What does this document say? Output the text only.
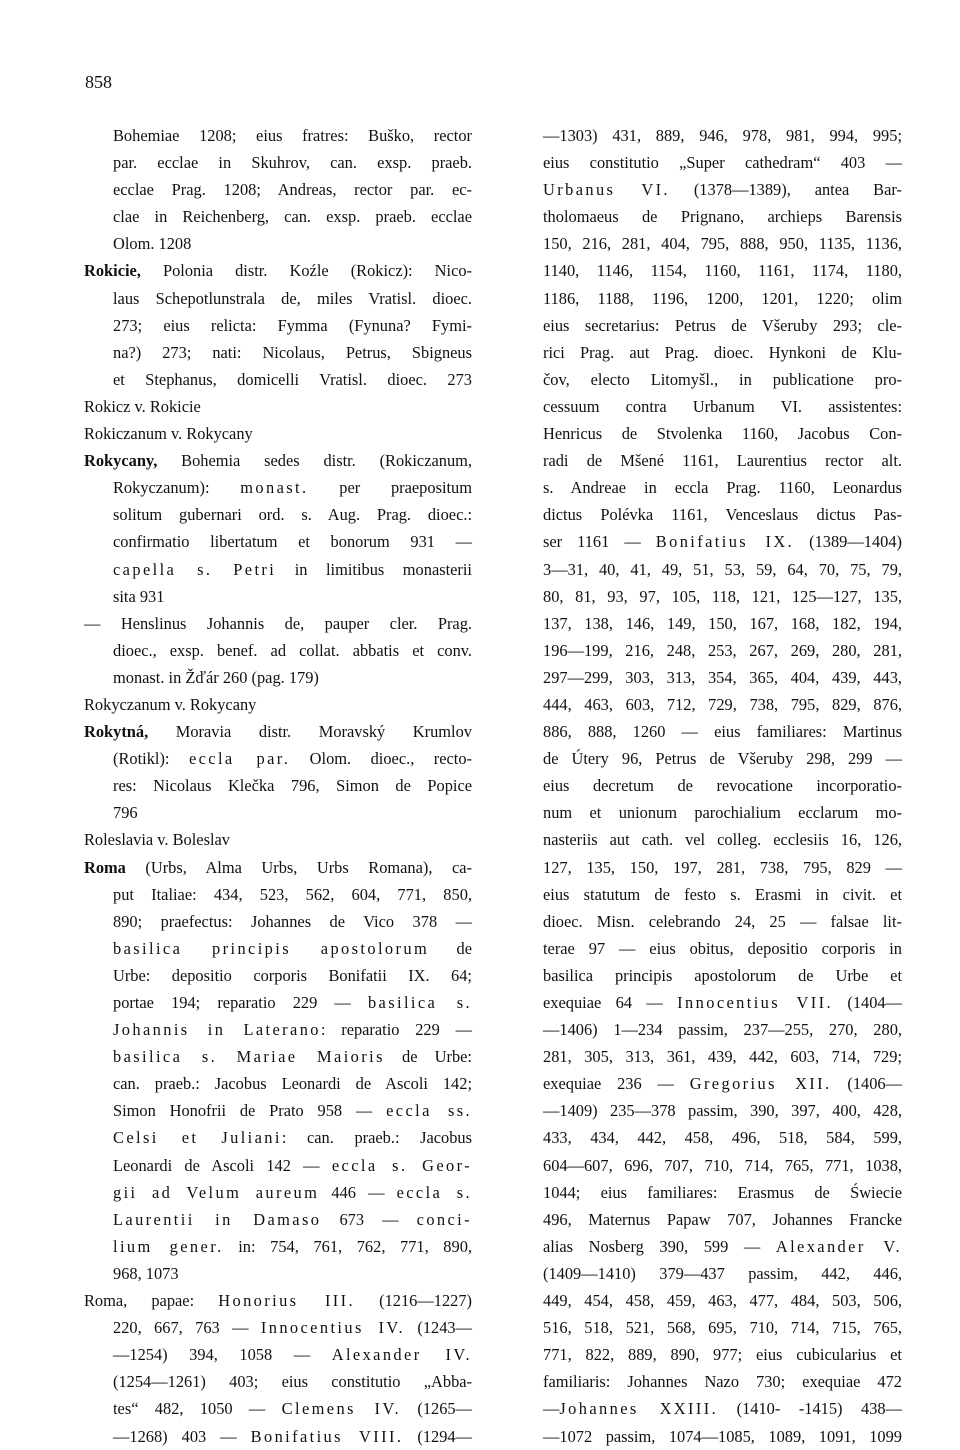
858
Bohemiae 1208; eius fratres: Buško, rector
par. ecclae in Skuhrov, can. exsp. praeb.
ecclae Prag. 1208; Andreas, rector par. ec-
clae in Reichenberg, can. exsp. praeb. ecclae
Olom. 1208
Rokicie, Polonia distr. Koźle (Rokicz): Nico-
laus Schepotlunstrala de, miles Vratisl. dioec.
273; eius relicta: Fymma (Fynuna? Fymi-
na?) 273; nati: Nicolaus, Petrus, Sbigneus
et Stephanus, domicelli Vratisl. dioec. 273
Rokicz v. Rokicie
Rokiczanum v. Rokycany
Rokycany, Bohemia sedes distr. (Rokiczanum,
Rokyczanum): monast. per praepositum
solitum gubernari ord. s. Aug. Prag. dioec.:
confirmatio libertatum et bonorum 931 —
capella s. Petri in limitibus monasterii
sita 931
— Henslinus Johannis de, pauper cler. Prag.
dioec., exsp. benef. ad collat. abbatis et conv.
monast. in Žďár 260 (pag. 179)
Rokyczanum v. Rokycany
Rokytná, Moravia distr. Moravský Krumlov
(Rotikl): eccla par. Olom. dioec., recto-
res: Nicolaus Klečka 796, Simon de Popice
796
Roleslavia v. Boleslav
Roma (Urbs, Alma Urbs, Urbs Romana), ca-
put Italiae: 434, 523, 562, 604, 771, 850,
890; praefectus: Johannes de Vico 378 —
basilica principis apostolorum de
Urbe: depositio corporis Bonifatii IX. 64;
portae 194; reparatio 229 — basilica s.
Johannis in Laterano: reparatio 229 —
basilica s. Mariae Maioris de Urbe:
can. praeb.: Jacobus Leonardi de Ascoli 142;
Simon Honofrii de Prato 958 — eccla ss.
Celsi et Juliani: can. praeb.: Jacobus
Leonardi de Ascoli 142 — eccla s. Geor-
gii ad Velum aureum 446 — eccla s.
Laurentii in Damaso 673 — conci-
lium gener. in: 754, 761, 762, 771, 890,
968, 1073
Roma, papae: Honorius III. (1216—1227)
220, 667, 763 — Innocentius IV. (1243—
—1254) 394, 1058 — Alexander IV.
(1254—1261) 403; eius constitutio „Abba-
tes“ 482, 1050 — Clemens IV. (1265—
—1268) 403 — Bonifatius VIII. (1294—
—1303) 431, 889, 946, 978, 981, 994, 995;
eius constitutio „Super cathedram“ 403 —
Urbanus VI. (1378—1389), antea Bar-
tholomaeus de Prignano, archieps Barensis
150, 216, 281, 404, 795, 888, 950, 1135, 1136,
1140, 1146, 1154, 1160, 1161, 1174, 1180,
1186, 1188, 1196, 1200, 1201, 1220; olim
eius secretarius: Petrus de Všeruby 293; cle-
rici Prag. aut Prag. dioec. Hynkoni de Klu-
čov, electo Litomyšl., in publicatione pro-
cessuum contra Urbanum VI. assistentes:
Henricus de Stvolenka 1160, Jacobus Con-
radi de Mšené 1161, Laurentius rector alt.
s. Andreae in eccla Prag. 1160, Leonardus
dictus Polévka 1161, Venceslaus dictus Pas-
ser 1161 — Bonifatius IX. (1389—1404)
3—31, 40, 41, 49, 51, 53, 59, 64, 70, 75, 79,
80, 81, 93, 97, 105, 118, 121, 125—127, 135,
137, 138, 146, 149, 150, 167, 168, 182, 194,
196—199, 216, 248, 253, 267, 269, 280, 281,
297—299, 303, 313, 354, 365, 404, 439, 443,
444, 463, 603, 712, 729, 738, 795, 829, 876,
886, 888, 1260 — eius familiares: Martinus
de Útery 96, Petrus de Všeruby 298, 299 —
eius decretum de revocatione incorporatio-
num et unionum parochialium ecclarum mo-
nasteriis aut cath. vel colleg. ecclesiis 16, 126,
127, 135, 150, 197, 281, 738, 795, 829 —
eius statutum de festo s. Erasmi in civit. et
dioec. Misn. celebrando 24, 25 — falsae lit-
terae 97 — eius obitus, depositio corporis in
basilica principis apostolorum de Urbe et
exequiae 64 — Innocentius VII. (1404—
—1406) 1—234 passim, 237—255, 270, 280,
281, 305, 313, 361, 439, 442, 603, 714, 729;
exequiae 236 — Gregorius XII. (1406—
—1409) 235—378 passim, 390, 397, 400, 428,
433, 434, 442, 458, 496, 518, 584, 599,
604—607, 696, 707, 710, 714, 765, 771, 1038,
1044; eius familiares: Erasmus de Świecie
496, Maternus Papaw 707, Johannes Francke
alias Nosberg 390, 599 — Alexander V.
(1409—1410) 379—437 passim, 442, 446,
449, 454, 458, 459, 463, 477, 484, 503, 506,
516, 518, 521, 568, 695, 710, 714, 715, 765,
771, 822, 889, 890, 977; eius cubicularius et
familiaris: Johannes Nazo 730; exequiae 472
—Johannes XXIII. (1410- -1415) 438—
—1072 passim, 1074—1085, 1089, 1091, 1099
